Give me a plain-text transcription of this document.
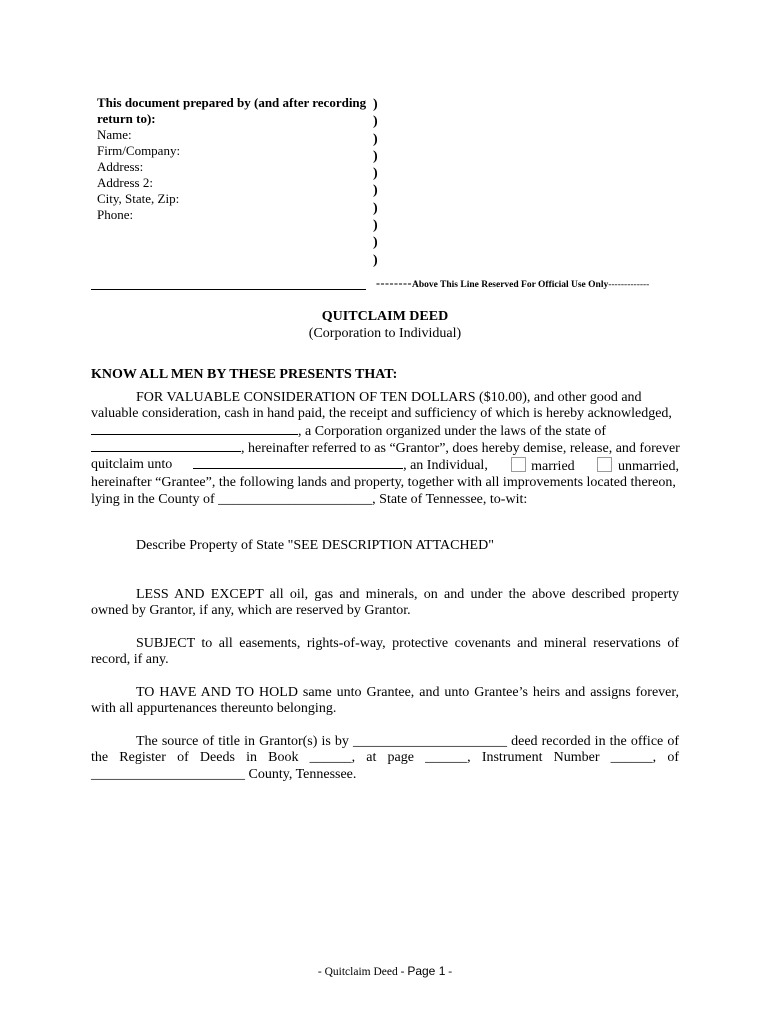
This document prepared by (and after recording return to):
Name:
Firm/Company:
Address:
Address 2:
City, State, Zip:
Phone:
)
)
)
)
)
)
)
)
)
)
--------Above This Line Reserved For Official Use Only-------------
QUITCLAIM DEED
(Corporation to Individual)
KNOW ALL MEN BY THESE PRESENTS THAT:
FOR VALUABLE CONSIDERATION OF TEN DOLLARS ($10.00), and other good and
valuable consideration, cash in hand paid, the receipt and sufficiency of which is hereby acknowledged,
, a Corporation organized under the laws of the state of
, hereinafter referred to as “Grantor”, does hereby demise, release, and forever
quitclaim unto	, an Individual,	married	unmarried,
hereinafter “Grantee”, the following lands and property, together with all improvements located thereon,
lying in the County of
______________________ , State of Tennessee, to-wit:
Describe Property of State "SEE DESCRIPTION ATTACHED"
LESS AND EXCEPT all oil, gas and minerals, on and under the above described property owned by Grantor, if any, which are reserved by Grantor.
SUBJECT to all easements, rights-of-way, protective covenants and mineral reservations of record, if any.
TO HAVE AND TO HOLD same unto Grantee, and unto Grantee’s heirs and assigns forever, with all appurtenances thereunto belonging.
The source of title in Grantor(s) is by ______________________ deed recorded in the office of the Register of Deeds in Book ______, at page ______, Instrument Number ______, of ______________________ County, Tennessee.
- Quitclaim Deed - Page 1 -
